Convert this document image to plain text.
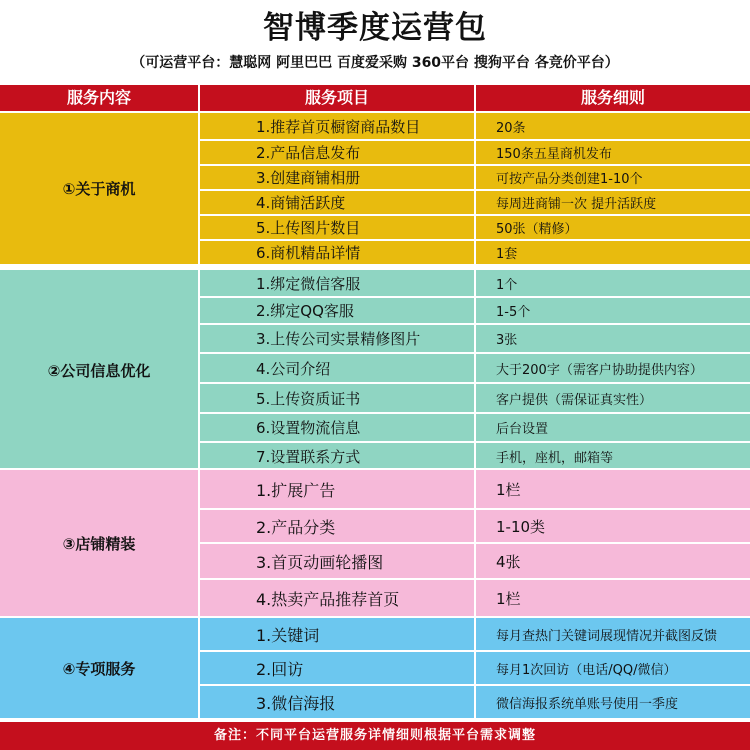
智博季度运营包
（可运营平台：慧聪网 阿里巴巴 百度爱采购 360平台 搜狗平台 各竞价平台）
服务内容	服务项目	服务细则
①关于商机
1.推荐首页橱窗商品数目	20条
2.产品信息发布	150条五星商机发布
3.创建商铺相册	可按产品分类创建1-10个
4.商铺活跃度	每周进商铺一次 提升活跃度
5.上传图片数目	50张（精修）
6.商机精品详情	1套
②公司信息优化
1.绑定微信客服	1个
2.绑定QQ客服	1-5个
3.上传公司实景精修图片	3张
4.公司介绍	大于200字（需客户协助提供内容）
5.上传资质证书	客户提供（需保证真实性）
6.设置物流信息	后台设置
7.设置联系方式	手机，座机，邮箱等
③店铺精装
1.扩展广告	1栏
2.产品分类	1-10类
3.首页动画轮播图	4张
4.热卖产品推荐首页	1栏
④专项服务
1.关键词	每月查热门关键词展现情况并截图反馈
2.回访	每月1次回访（电话/QQ/微信）
3.微信海报	微信海报系统单账号使用一季度
备注：不同平台运营服务详情细则根据平台需求调整
